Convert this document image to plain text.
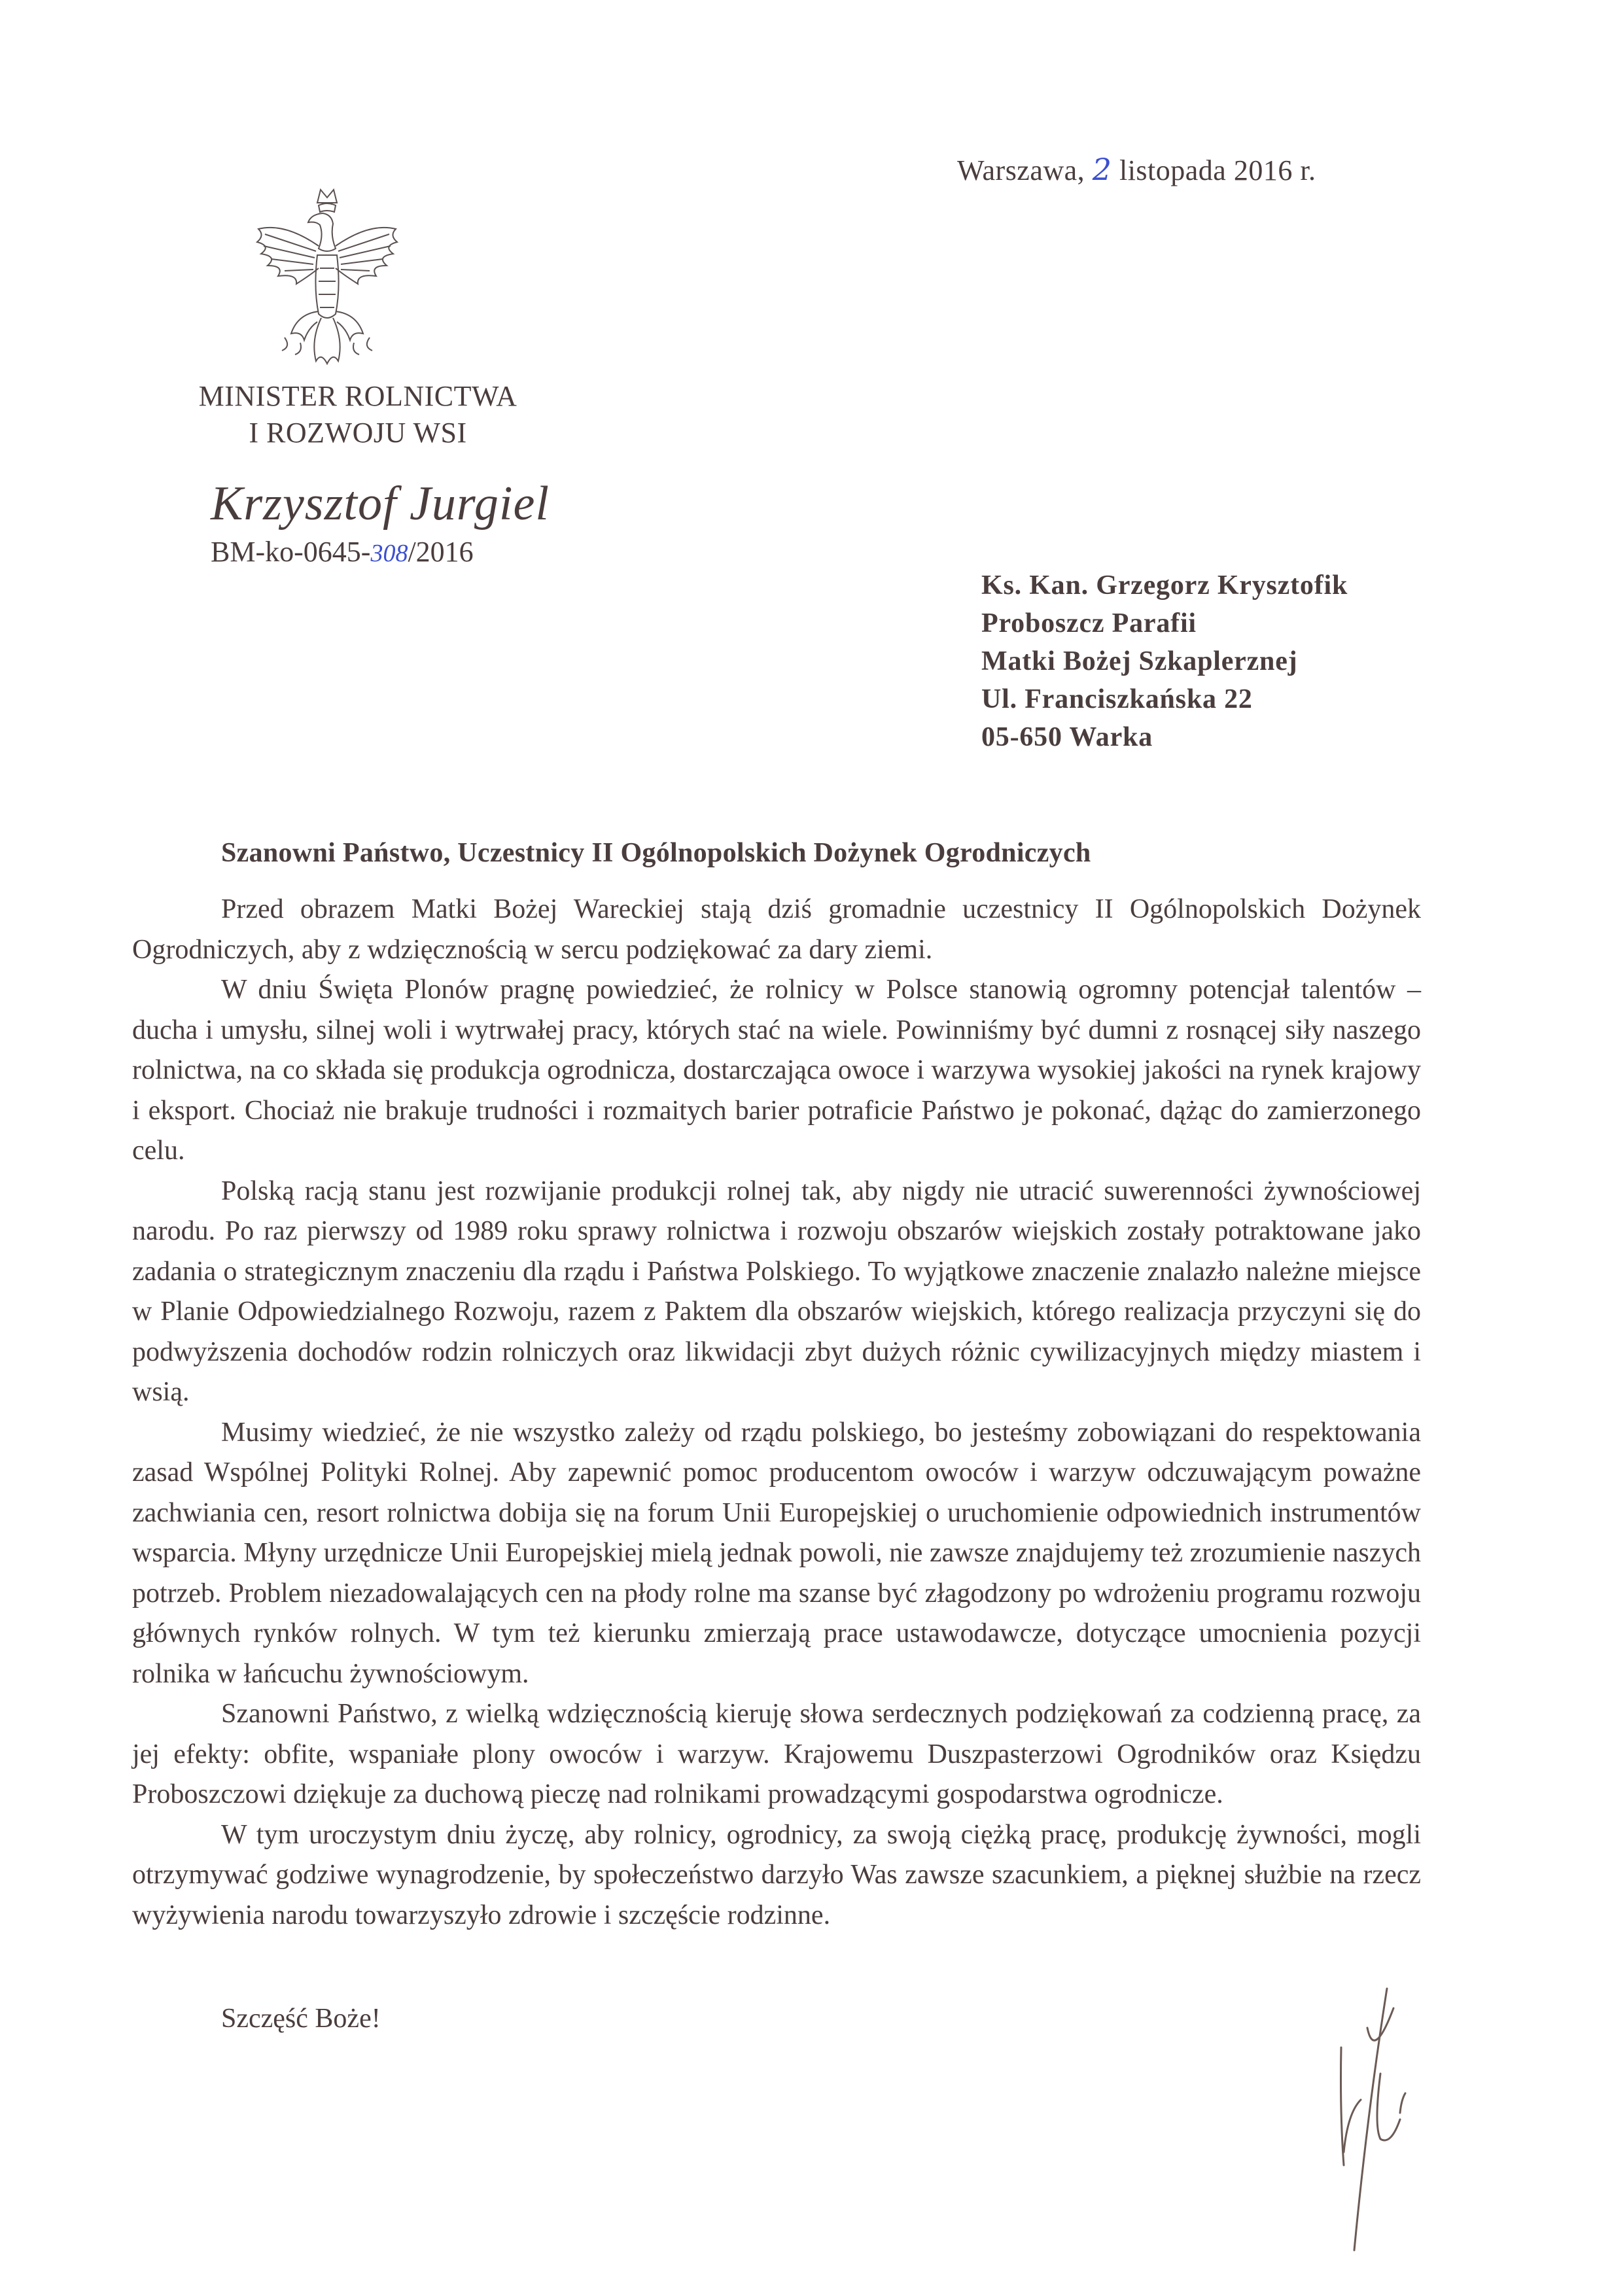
Warszawa, 2 listopada 2016 r.
MINISTER ROLNICTWA
I ROZWOJU WSI
Krzysztof Jurgiel
BM-ko-0645-308/2016
Ks. Kan. Grzegorz Krysztofik
Proboszcz Parafii
Matki Bożej Szkaplerznej
Ul. Franciszkańska 22
05-650 Warka
Szanowni Państwo, Uczestnicy II Ogólnopolskich Dożynek Ogrodniczych

Przed obrazem Matki Bożej Wareckiej stają dziś gromadnie uczestnicy II Ogólnopolskich Dożynek Ogrodniczych, aby z wdzięcznością w sercu podziękować za dary ziemi.

W dniu Święta Plonów pragnę powiedzieć, że rolnicy w Polsce stanowią ogromny potencjał talentów – ducha i umysłu, silnej woli i wytrwałej pracy, których stać na wiele. Powinniśmy być dumni z rosnącej siły naszego rolnictwa, na co składa się produkcja ogrodnicza, dostarczająca owoce i warzywa wysokiej jakości na rynek krajowy i eksport. Chociaż nie brakuje trudności i rozmaitych barier potraficie Państwo je pokonać, dążąc do zamierzonego celu.

Polską racją stanu jest rozwijanie produkcji rolnej tak, aby nigdy nie utracić suwerenności żywnościowej narodu. Po raz pierwszy od 1989 roku sprawy rolnictwa i rozwoju obszarów wiejskich zostały potraktowane jako zadania o strategicznym znaczeniu dla rządu i Państwa Polskiego. To wyjątkowe znaczenie znalazło należne miejsce w Planie Odpowiedzialnego Rozwoju, razem z Paktem dla obszarów wiejskich, którego realizacja przyczyni się do podwyższenia dochodów rodzin rolniczych oraz likwidacji zbyt dużych różnic cywilizacyjnych między miastem i wsią.

Musimy wiedzieć, że nie wszystko zależy od rządu polskiego, bo jesteśmy zobowiązani do respektowania zasad Wspólnej Polityki Rolnej. Aby zapewnić pomoc producentom owoców i warzyw odczuwającym poważne zachwiania cen, resort rolnictwa dobija się na forum Unii Europejskiej o uruchomienie odpowiednich instrumentów wsparcia. Młyny urzędnicze Unii Europejskiej mielą jednak powoli, nie zawsze znajdujemy też zrozumienie naszych potrzeb. Problem niezadowalających cen na płody rolne ma szanse być złagodzony po wdrożeniu programu rozwoju głównych rynków rolnych. W tym też kierunku zmierzają prace ustawodawcze, dotyczące umocnienia pozycji rolnika w łańcuchu żywnościowym.

Szanowni Państwo, z wielką wdzięcznością kieruję słowa serdecznych podziękowań za codzienną pracę, za jej efekty: obfite, wspaniałe plony owoców i warzyw. Krajowemu Duszpasterzowi Ogrodników oraz Księdzu Proboszczowi dziękuje za duchową pieczę nad rolnikami prowadzącymi gospodarstwa ogrodnicze.

W tym uroczystym dniu życzę, aby rolnicy, ogrodnicy, za swoją ciężką pracę, produkcję żywności, mogli otrzymywać godziwe wynagrodzenie, by społeczeństwo darzyło Was zawsze szacunkiem, a pięknej służbie na rzecz wyżywienia narodu towarzyszyło zdrowie i szczęście rodzinne.

Szczęść Boże!
